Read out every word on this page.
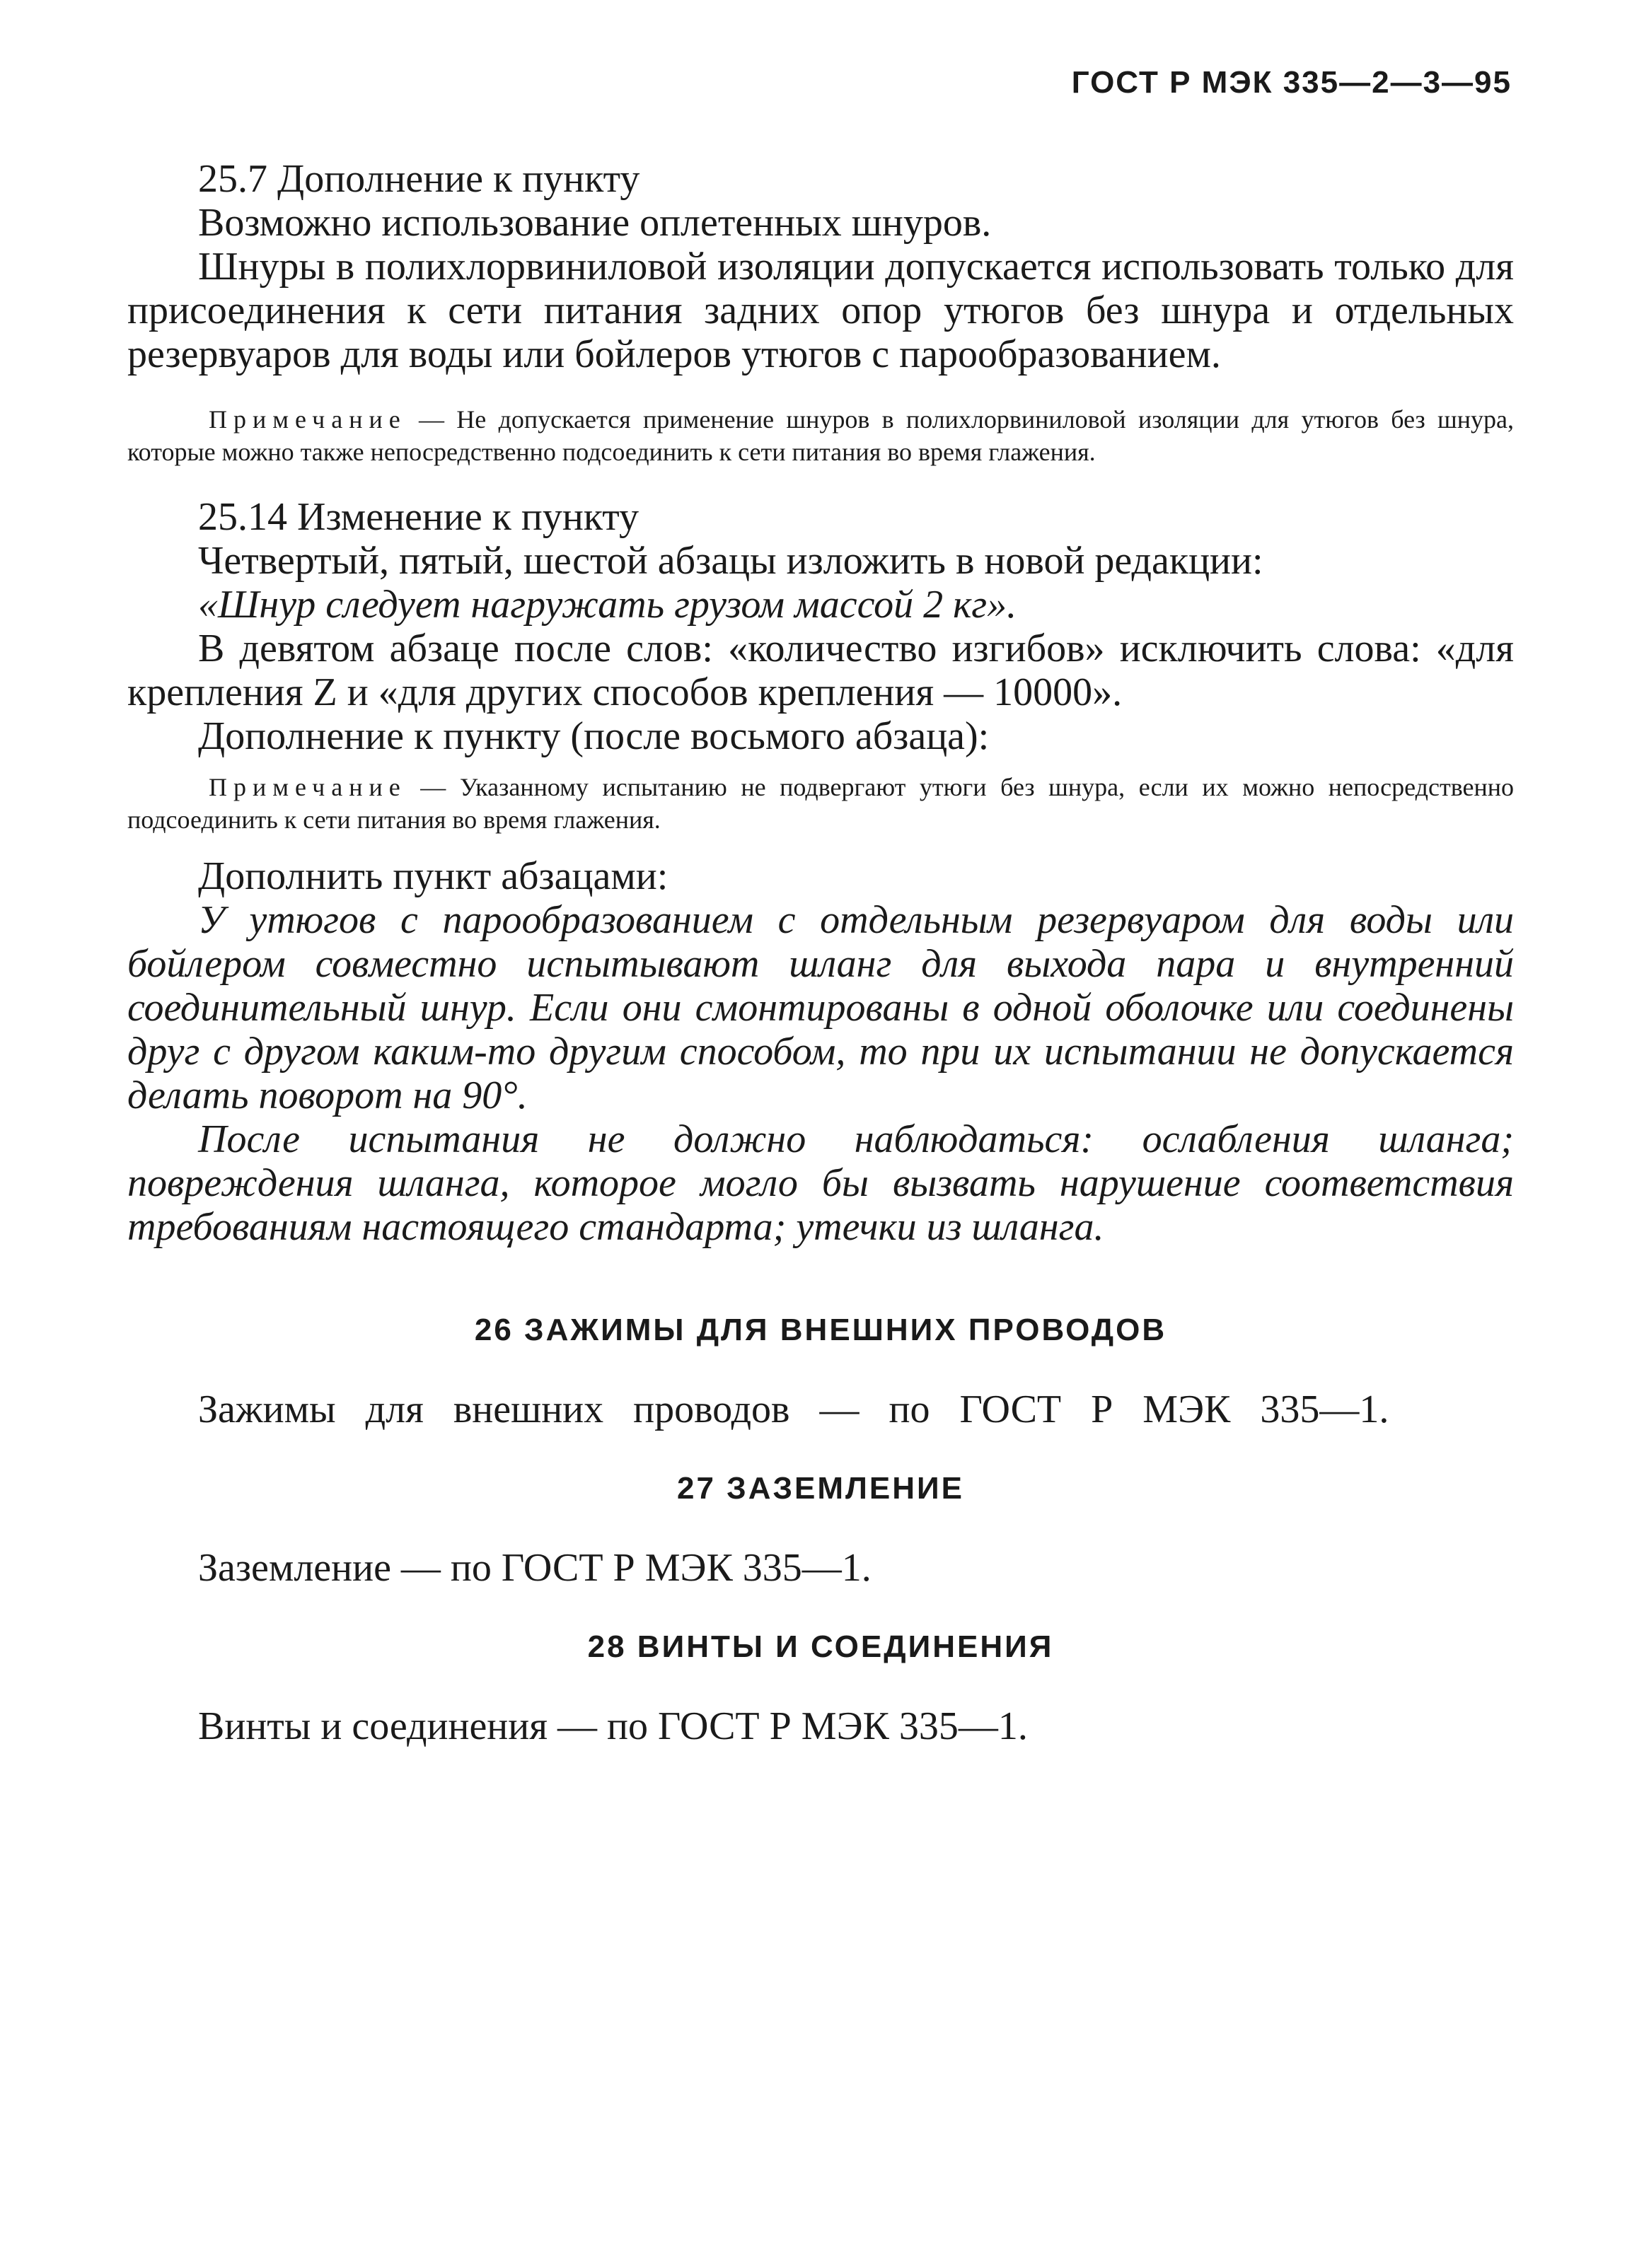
ГОСТ Р МЭК 335—2—3—95

25.7 Дополнение к пункту

Возможно использование оплетенных шнуров.

Шнуры в полихлорвиниловой изоляции допускается использовать только для присоединения к сети питания задних опор утюгов без шнура и отдельных резервуаров для воды или бойлеров утюгов с парообразованием.

Примечание — Не допускается применение шнуров в полихлорвиниловой изоляции для утюгов без шнура, которые можно также непосредственно подсоединить к сети питания во время глажения.

25.14 Изменение к пункту

Четвертый, пятый, шестой абзацы изложить в новой редакции:

«Шнур следует нагружать грузом массой 2 кг».

В девятом абзаце после слов: «количество изгибов» исключить слова: «для крепления Z и «для других способов крепления — 10000».

Дополнение к пункту (после восьмого абзаца):

Примечание — Указанному испытанию не подвергают утюги без шнура, если их можно непосредственно подсоединить к сети питания во время глажения.

Дополнить пункт абзацами:

У утюгов с парообразованием с отдельным резервуаром для воды или бойлером совместно испытывают шланг для выхода пара и внутренний соединительный шнур. Если они смонтированы в одной оболочке или соединены друг с другом каким-то другим способом, то при их испытании не допускается делать поворот на 90°.

После испытания не должно наблюдаться: ослабления шланга; повреждения шланга, которое могло бы вызвать нарушение соответствия требованиям настоящего стандарта; утечки из шланга.

26 ЗАЖИМЫ ДЛЯ ВНЕШНИХ ПРОВОДОВ

Зажимы для внешних проводов — по ГОСТ Р МЭК 335—1.

27 ЗАЗЕМЛЕНИЕ

Заземление — по ГОСТ Р МЭК 335—1.

28 ВИНТЫ И СОЕДИНЕНИЯ

Винты и соединения — по ГОСТ Р МЭК 335—1.
